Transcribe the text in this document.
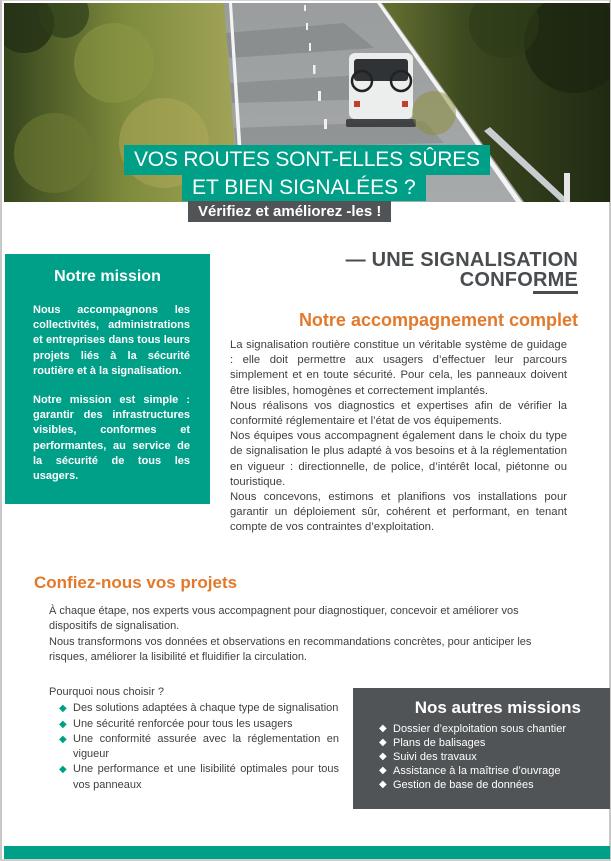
VOS ROUTES SONT-ELLES SÛRES
ET BIEN SIGNALÉES ?
Vérifiez et améliorez -les !
Notre mission

Nous accompagnons les collectivités, administrations et entreprises dans tous leurs projets liés à la sécurité routière et à la signalisation.

Notre mission est simple : garantir des infrastructures visibles, conformes et performantes, au service de la sécurité de tous les usagers.

— UNE SIGNALISATION
CONFORME
Notre accompagnement complet

La signalisation routière constitue un véritable système de guidage : elle doit permettre aux usagers d’effectuer leur parcours simplement et en toute sécurité. Pour cela, les panneaux doivent être lisibles, homogènes et correctement implantés.

Nous réalisons vos diagnostics et expertises afin de vérifier la conformité réglementaire et l’état de vos équipements.

Nos équipes vous accompagnent également dans le choix du type de signalisation le plus adapté à vos besoins et à la réglementation en vigueur : directionnelle, de police, d’intérêt local, piétonne ou touristique.

Nous concevons, estimons et planifions vos installations pour garantir un déploiement sûr, cohérent et performant, en tenant compte de vos contraintes d’exploitation.

Confiez-nous vos projets

À chaque étape, nos experts vous accompagnent pour diagnostiquer, concevoir et améliorer vos dispositifs de signalisation.

Nous transformons vos données et observations en recommandations concrètes, pour anticiper les risques, améliorer la lisibilité et fluidifier la circulation.

Pourquoi nous choisir ?
◆ Des solutions adaptées à chaque type de signalisation
◆ Une sécurité renforcée pour tous les usagers
◆ Une conformité assurée avec la réglementation en vigueur
◆ Une performance et une lisibilité optimales pour tous vos panneaux
Nos autres missions
◆ Dossier d’exploitation sous chantier
◆ Plans de balisages
◆ Suivi des travaux
◆ Assistance à la maîtrise d’ouvrage
◆ Gestion de base de données
